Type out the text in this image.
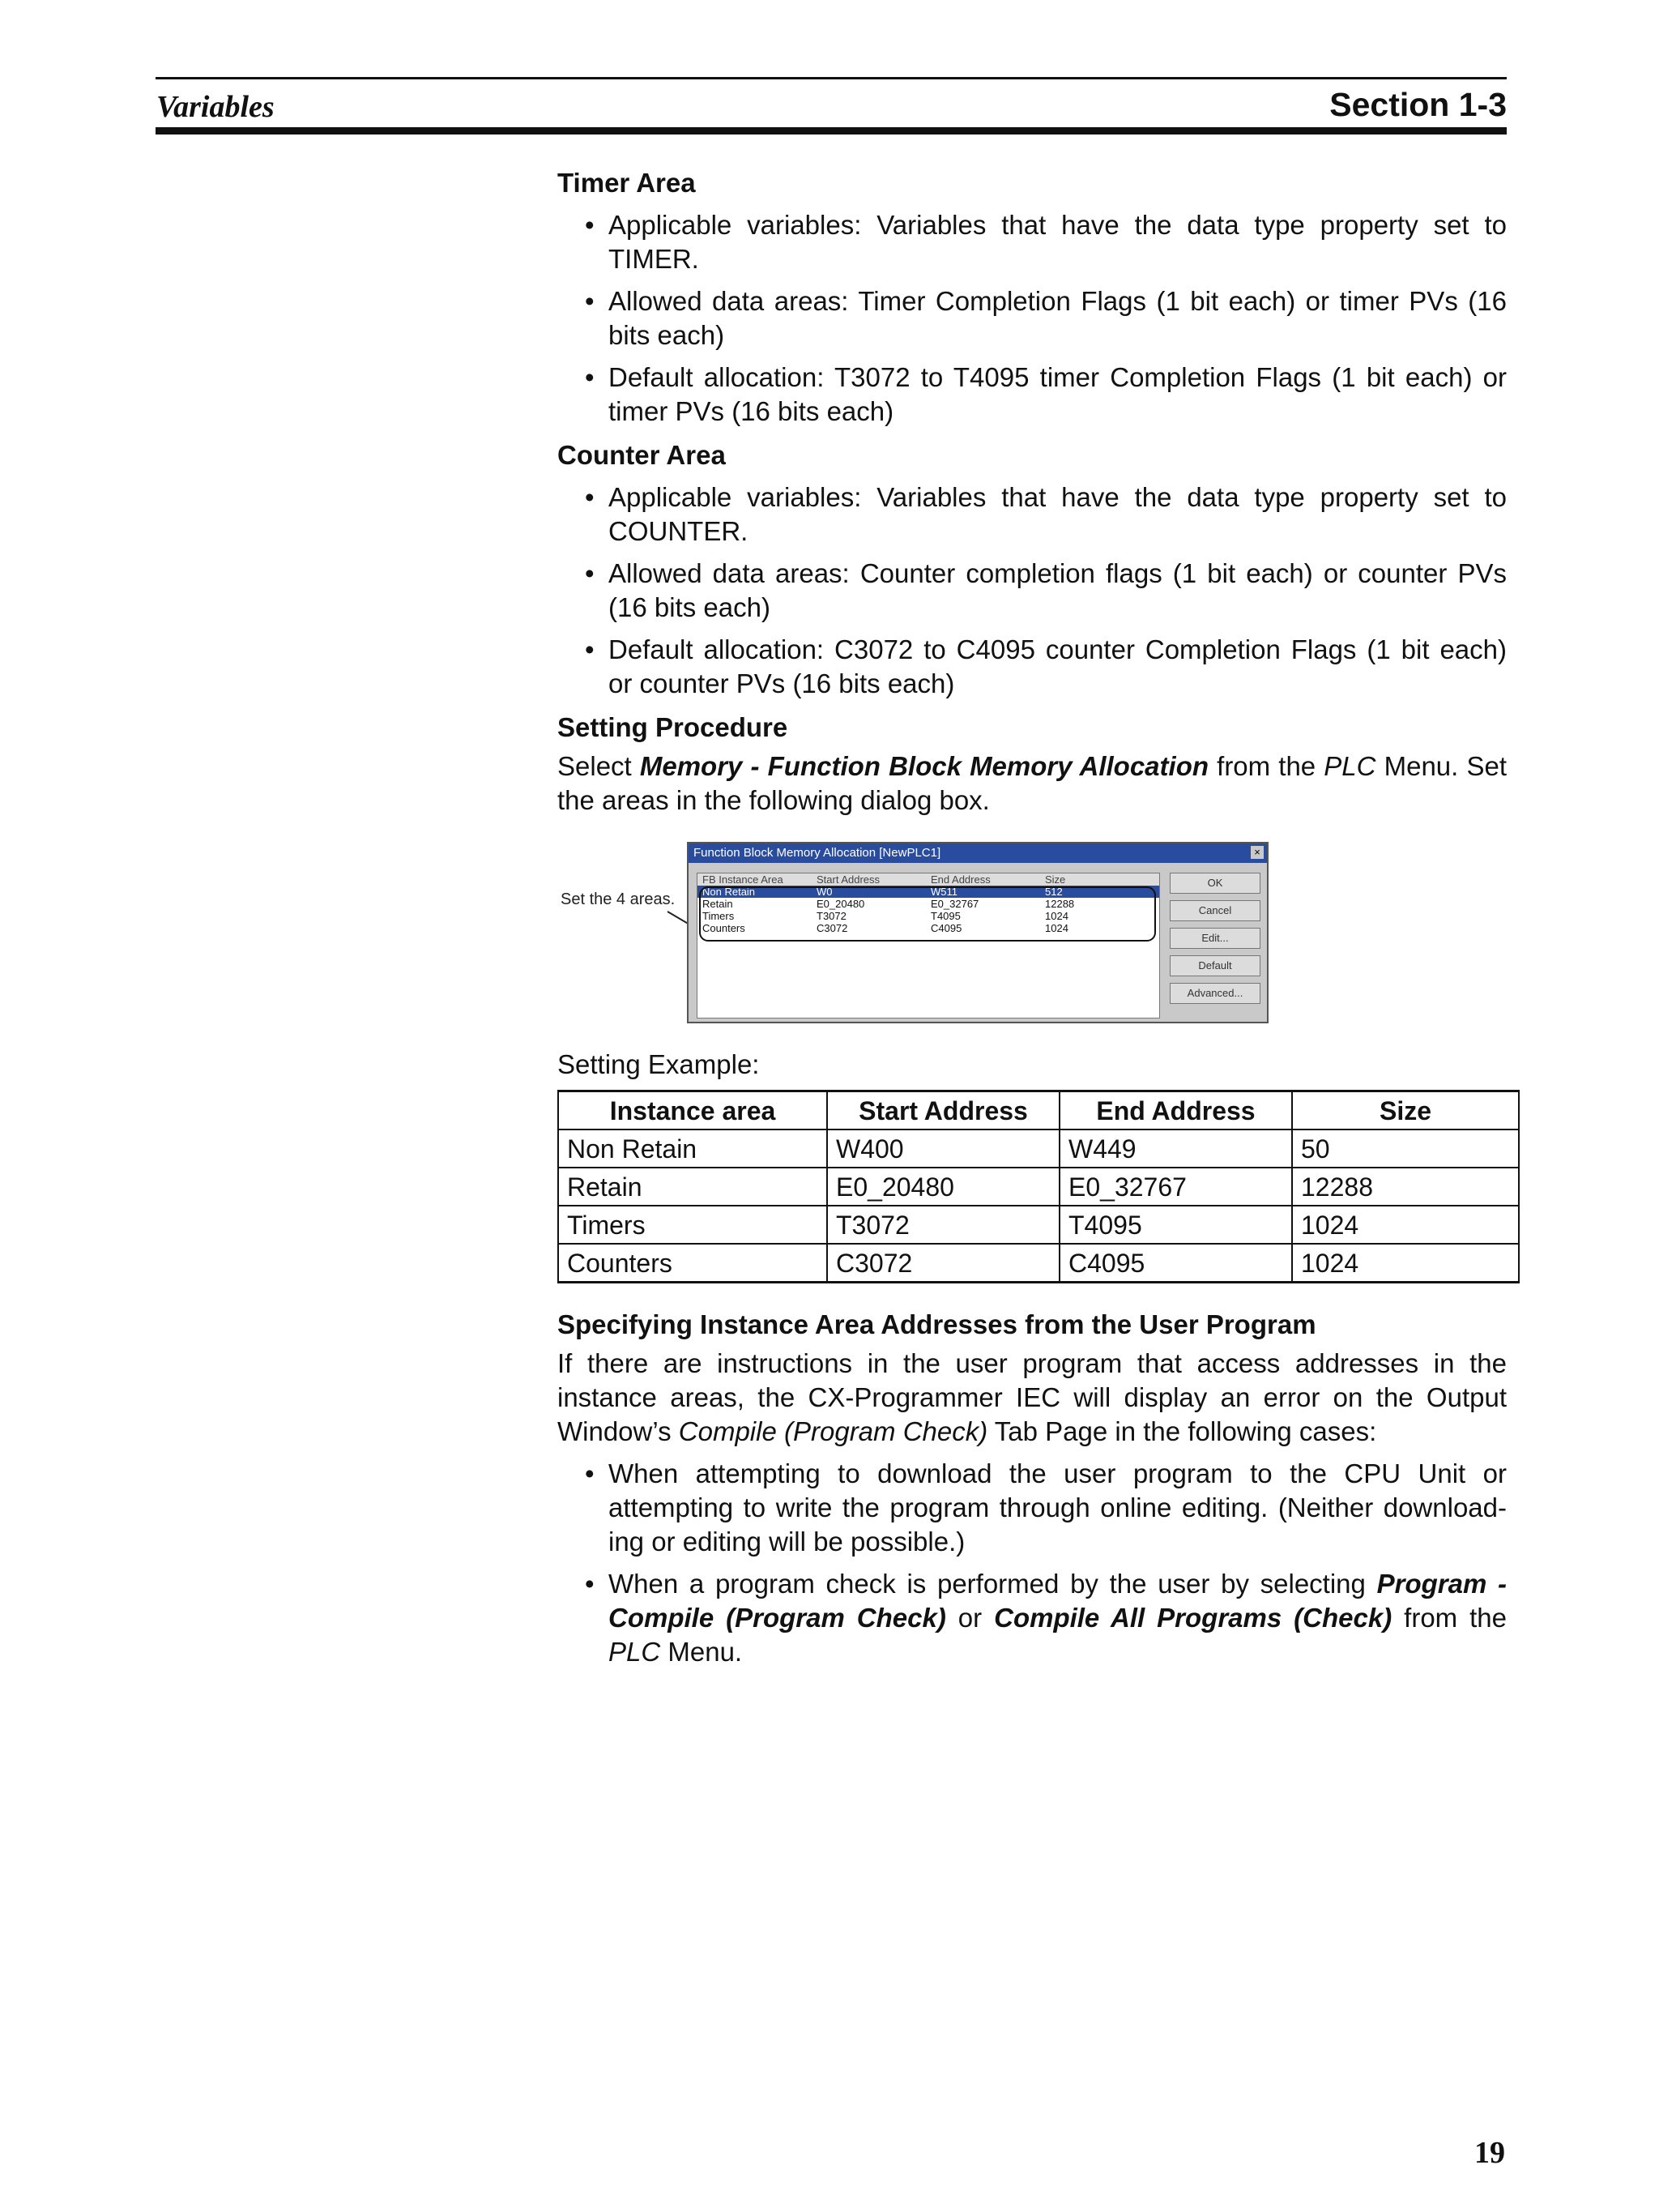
Variables	Section 1-3
Timer Area
• Applicable variables: Variables that have the data type property set to TIMER.
• Allowed data areas: Timer Completion Flags (1 bit each) or timer PVs (16 bits each)
• Default allocation: T3072 to T4095 timer Completion Flags (1 bit each) or timer PVs (16 bits each)
Counter Area
• Applicable variables: Variables that have the data type property set to COUNTER.
• Allowed data areas: Counter completion flags (1 bit each) or counter PVs (16 bits each)
• Default allocation: C3072 to C4095 counter Completion Flags (1 bit each) or counter PVs (16 bits each)
Setting Procedure

Select Memory - Function Block Memory Allocation from the PLC Menu. Set the areas in the following dialog box.

Set the 4 areas.
Function Block Memory Allocation [NewPLC1]	×
FB Instance Area	Start Address	End Address	Size
Non Retain	W0	W511	512
Retain	E0_20480	E0_32767	12288
Timers	T3072	T4095	1024
Counters	C3072	C4095	1024
OK
Cancel
Edit...
Default
Advanced...
Setting Example:
Instance area	Start Address	End Address	Size
Non Retain	W400	W449	50
Retain	E0_20480	E0_32767	12288
Timers	T3072	T4095	1024
Counters	C3072	C4095	1024
Specifying Instance Area Addresses from the User Program

If there are instructions in the user program that access addresses in the instance areas, the CX-Programmer IEC will display an error on the Output Window’s Compile (Program Check) Tab Page in the following cases:

• When attempting to download the user program to the CPU Unit or attempting to write the program through online editing. (Neither download-ing or editing will be possible.)
• When a program check is performed by the user by selecting Program - Compile (Program Check) or Compile All Programs (Check) from the PLC Menu.
19
